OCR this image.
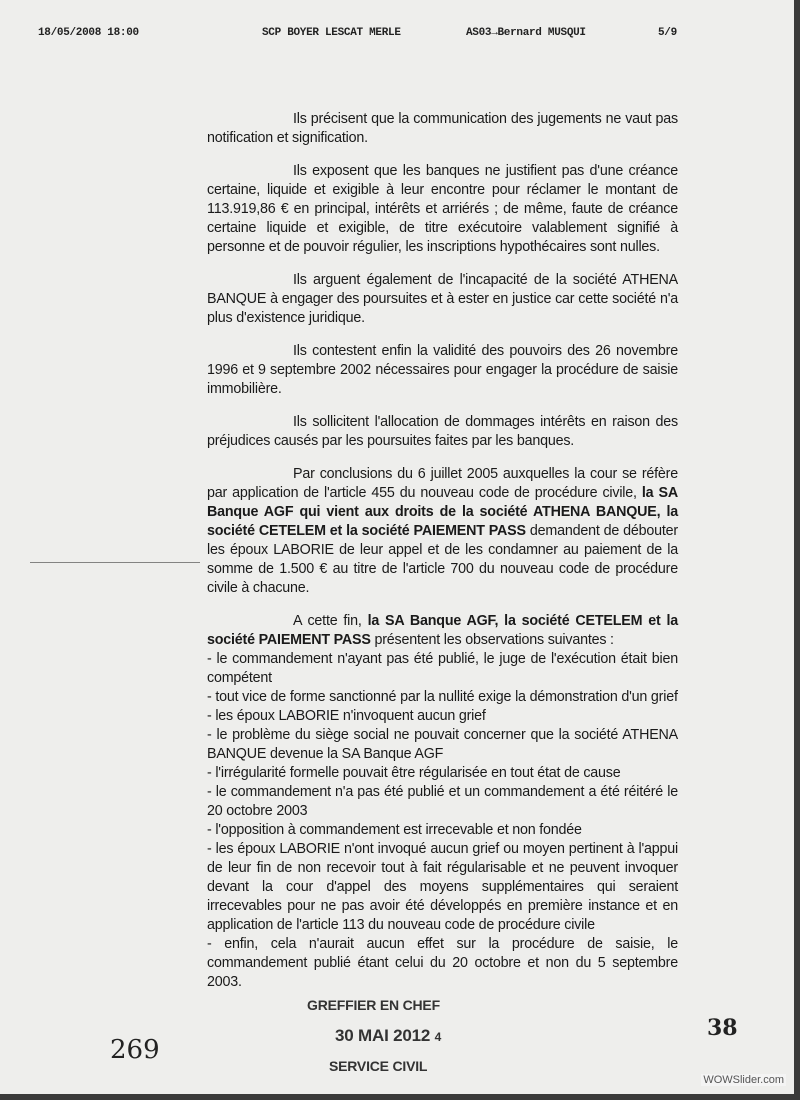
18/05/2008 18:00	SCP BOYER LESCAT MERLE	AS03→Bernard MUSQUI	5/9

Ils précisent que la communication des jugements ne vaut pas notification et signification.

Ils exposent que les banques ne justifient pas d'une créance certaine, liquide et exigible à leur encontre pour réclamer le montant de 113.919,86 € en principal, intérêts et arriérés ; de même, faute de créance certaine liquide et exigible, de titre exécutoire valablement signifié à personne et de pouvoir régulier, les inscriptions hypothécaires sont nulles.

Ils arguent également de l'incapacité de la société ATHENA BANQUE à engager des poursuites et à ester en justice car cette société n'a plus d'existence juridique.

Ils contestent enfin la validité des pouvoirs des 26 novembre 1996 et 9 septembre 2002 nécessaires pour engager la procédure de saisie immobilière.

Ils sollicitent l'allocation de dommages intérêts en raison des préjudices causés par les poursuites faites par les banques.

Par conclusions du 6 juillet 2005 auxquelles la cour se réfère par application de l'article 455 du nouveau code de procédure civile, la SA Banque AGF qui vient aux droits de la société ATHENA BANQUE, la société CETELEM et la société PAIEMENT PASS demandent de débouter les époux LABORIE de leur appel et de les condamner au paiement de la somme de 1.500 € au titre de l'article 700 du nouveau code de procédure civile à chacune.

A cette fin, la SA Banque AGF, la société CETELEM et la société PAIEMENT PASS présentent les observations suivantes :

- le commandement n'ayant pas été publié, le juge de l'exécution était bien compétent
- tout vice de forme sanctionné par la nullité exige la démonstration d'un grief
- les époux LABORIE n'invoquent aucun grief
- le problème du siège social ne pouvait concerner que la société ATHENA BANQUE devenue la SA Banque AGF
- l'irrégularité formelle pouvait être régularisée en tout état de cause
- le commandement n'a pas été publié et un commandement a été réitéré le 20 octobre 2003
- l'opposition à commandement est irrecevable et non fondée
- les époux LABORIE n'ont invoqué aucun grief ou moyen pertinent à l'appui de leur fin de non recevoir tout à fait régularisable et ne peuvent invoquer devant la cour d'appel des moyens supplémentaires qui seraient irrecevables pour ne pas avoir été développés en première instance et en application de l'article 113 du nouveau code de procédure civile
- enfin, cela n'aurait aucun effet sur la procédure de saisie, le commandement publié étant celui du 20 octobre et non du 5 septembre 2003.
GREFFIER EN CHEF
30 MAI 2012 4
SERVICE CIVIL
269
38
WOWSlider.com
